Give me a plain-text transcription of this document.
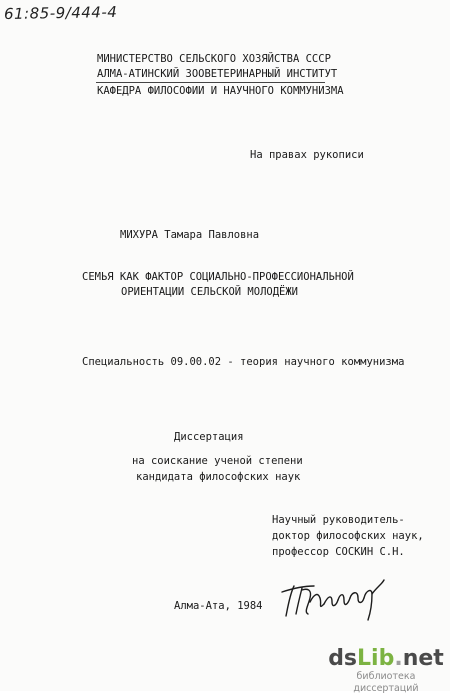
61:85-9/444-4
МИНИСТЕРСТВО СЕЛЬСКОГО ХОЗЯЙСТВА СССР
АЛМА-АТИНСКИЙ ЗООВЕТЕРИНАРНЫЙ ИНСТИТУТ
КАФЕДРА ФИЛОСОФИИ И НАУЧНОГО КОММУНИЗМА
На правах рукописи
МИХУРА Тамара Павловна
СЕМЬЯ КАК ФАКТОР СОЦИАЛЬНО-ПРОФЕССИОНАЛЬНОЙ
ОРИЕНТАЦИИ СЕЛЬСКОЙ МОЛОДЁЖИ
Специальность 09.00.02 - теория научного коммунизма
Диссертация
на соискание ученой степени
кандидата философских наук
Научный руководитель-
доктор философских наук,
профессор СОСКИН С.Н.
Алма-Ата, 1984
dsLib.net
библиотека диссертаций
